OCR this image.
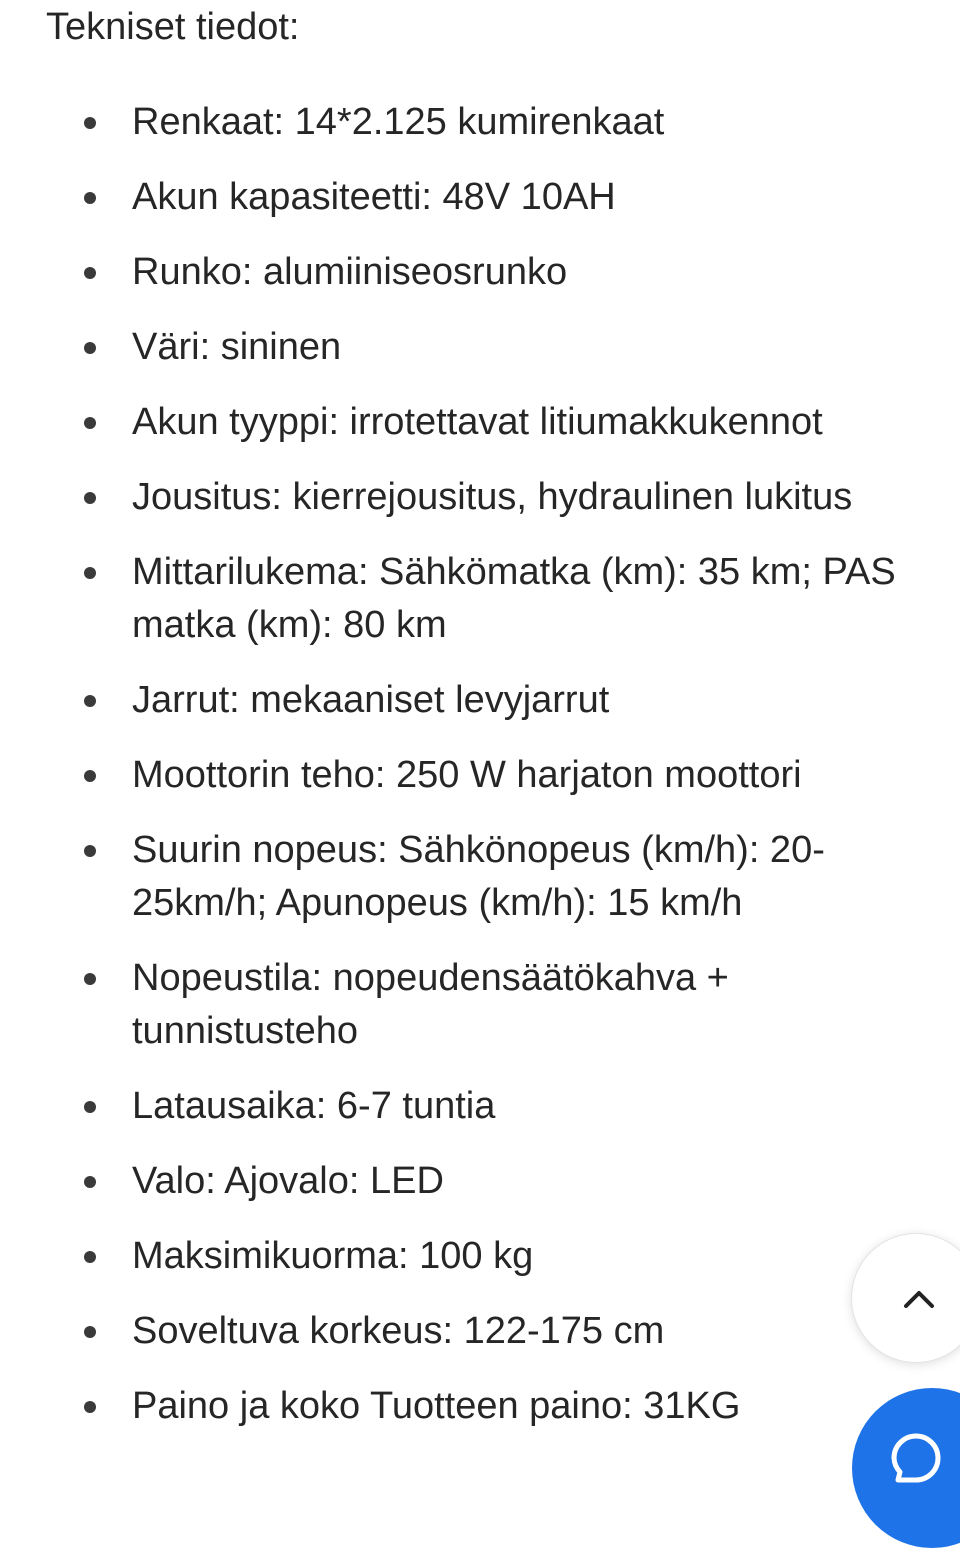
Tekniset tiedot:
Renkaat: 14*2.125 kumirenkaat
Akun kapasiteetti: 48V 10AH
Runko: alumiiniseosrunko
Väri: sininen
Akun tyyppi: irrotettavat litiumakkukennot
Jousitus: kierrejousitus, hydraulinen lukitus
Mittarilukema: Sähkömatka (km): 35 km; PAS
matka (km): 80 km
Jarrut: mekaaniset levyjarrut
Moottorin teho: 250 W harjaton moottori
Suurin nopeus: Sähkönopeus (km/h): 20-
25km/h; Apunopeus (km/h): 15 km/h
Nopeustila: nopeudensäätökahva +
tunnistusteho
Latausaika: 6-7 tuntia
Valo: Ajovalo: LED
Maksimikuorma: 100 kg
Soveltuva korkeus: 122-175 cm
Paino ja koko Tuotteen paino: 31KG
